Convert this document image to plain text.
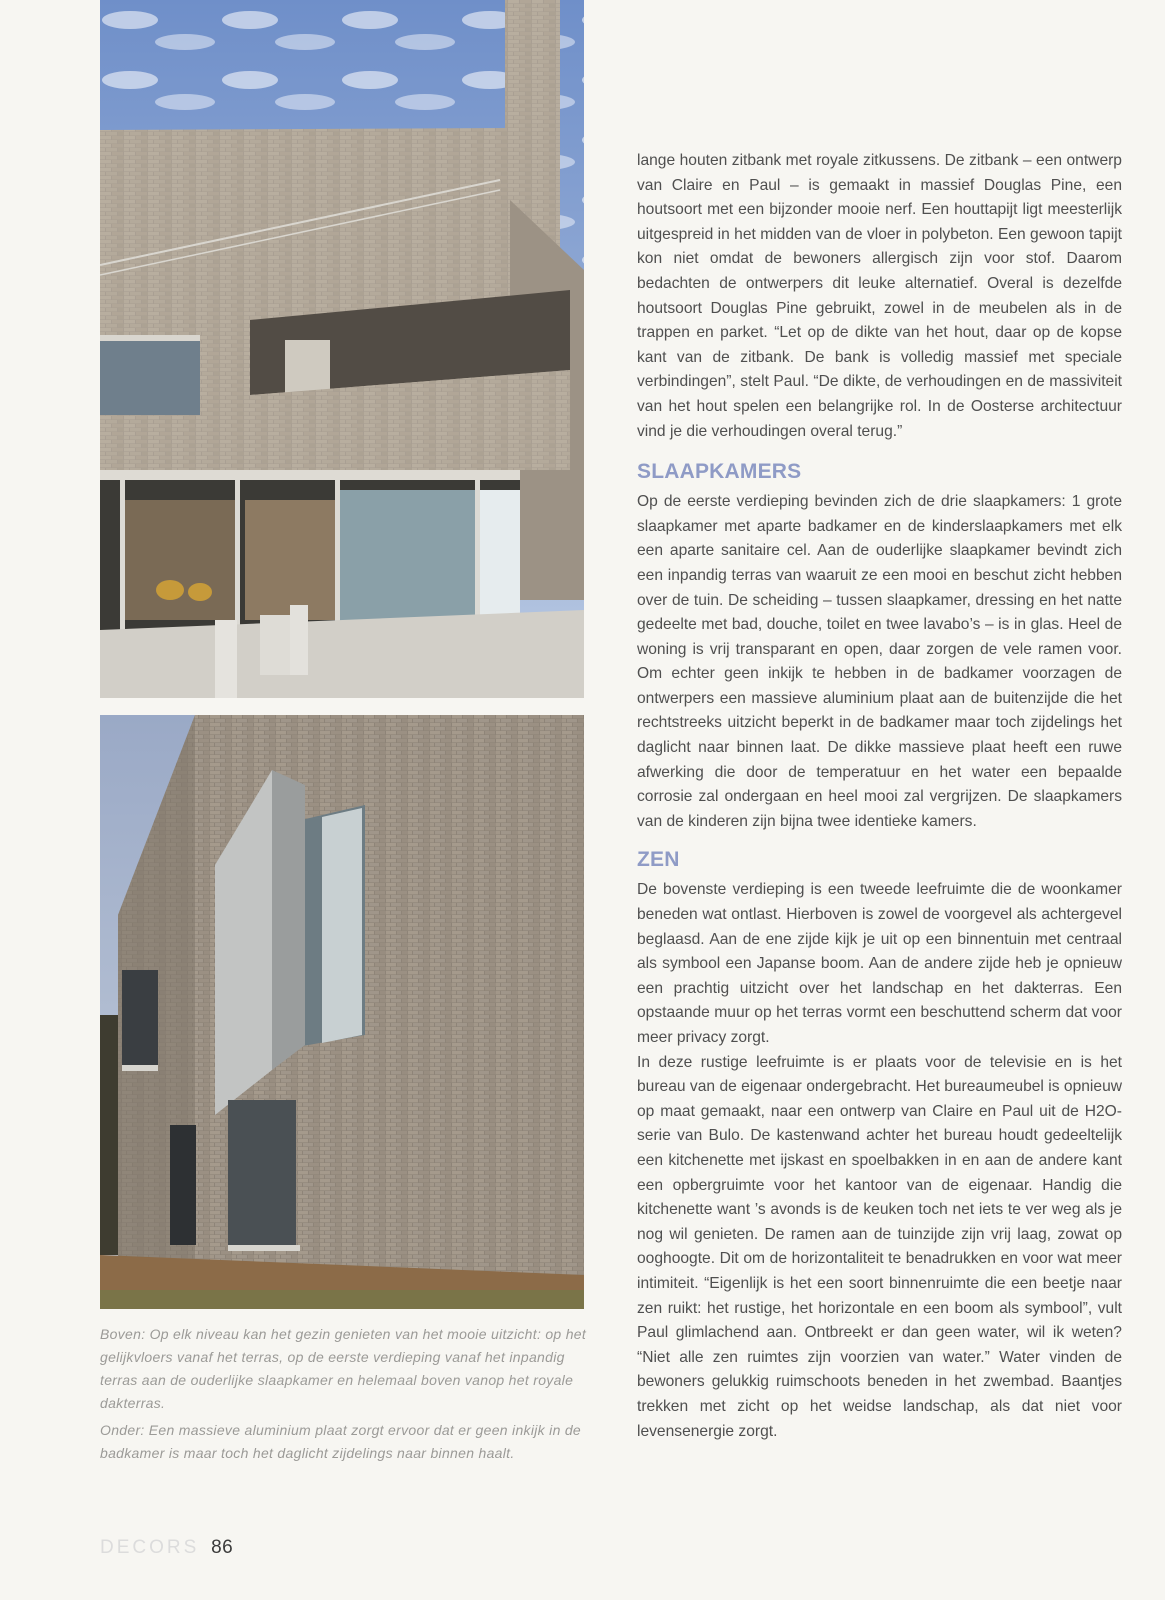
Boven: Op elk niveau kan het gezin genieten van het mooie uitzicht: op het gelijkvloers vanaf het terras, op de eerste verdieping vanaf het inpandig terras aan de ouderlijke slaapkamer en helemaal boven vanop het royale dakterras.

Onder: Een massieve aluminium plaat zorgt ervoor dat er geen inkijk in de badkamer is maar toch het daglicht zijdelings naar binnen haalt.

lange houten zitbank met royale zitkussens. De zitbank – een ontwerp van Claire en Paul – is gemaakt in massief Douglas Pine, een houtsoort met een bijzonder mooie nerf. Een houttapijt ligt meesterlijk uitgespreid in het midden van de vloer in polybeton. Een gewoon tapijt kon niet omdat de bewoners allergisch zijn voor stof. Daarom bedachten de ontwerpers dit leuke alternatief. Overal is dezelfde houtsoort Douglas Pine gebruikt, zowel in de meubelen als in de trappen en parket. “Let op de dikte van het hout, daar op de kopse kant van de zitbank. De bank is volledig massief met speciale verbindingen”, stelt Paul. “De dikte, de verhoudingen en de massiviteit van het hout spelen een belangrijke rol. In de Oosterse architectuur vind je die verhoudingen overal terug.”

SLAAPKAMERS

Op de eerste verdieping bevinden zich de drie slaapkamers: 1 grote slaapkamer met aparte badkamer en de kinderslaapkamers met elk een aparte sanitaire cel. Aan de ouderlijke slaapkamer bevindt zich een inpandig terras van waaruit ze een mooi en beschut zicht hebben over de tuin. De scheiding – tussen slaapkamer, dressing en het natte gedeelte met bad, douche, toilet en twee lavabo’s – is in glas. Heel de woning is vrij transparant en open, daar zorgen de vele ramen voor. Om echter geen inkijk te hebben in de badkamer voorzagen de ontwerpers een massieve aluminium plaat aan de buitenzijde die het rechtstreeks uitzicht beperkt in de badkamer maar toch zijdelings het daglicht naar binnen laat. De dikke massieve plaat heeft een ruwe afwerking die door de temperatuur en het water een bepaalde corrosie zal ondergaan en heel mooi zal vergrijzen. De slaapkamers van de kinderen zijn bijna twee identieke kamers.

ZEN

De bovenste verdieping is een tweede leefruimte die de woonkamer beneden wat ontlast. Hierboven is zowel de voorgevel als achtergevel beglaasd. Aan de ene zijde kijk je uit op een binnentuin met centraal als symbool een Japanse boom. Aan de andere zijde heb je opnieuw een prachtig uitzicht over het landschap en het dakterras. Een opstaande muur op het terras vormt een beschuttend scherm dat voor meer privacy zorgt.

In deze rustige leefruimte is er plaats voor de televisie en is het bureau van de eigenaar ondergebracht. Het bureaumeubel is opnieuw op maat gemaakt, naar een ontwerp van Claire en Paul uit de H2O-serie van Bulo. De kastenwand achter het bureau houdt gedeeltelijk een kitchenette met ijskast en spoelbakken in en aan de andere kant een opbergruimte voor het kantoor van de eigenaar. Handig die kitchenette want ’s avonds is de keuken toch net iets te ver weg als je nog wil genieten. De ramen aan de tuinzijde zijn vrij laag, zowat op ooghoogte. Dit om de horizontaliteit te benadrukken en voor wat meer intimiteit. “Eigenlijk is het een soort binnenruimte die een beetje naar zen ruikt: het rustige, het horizontale en een boom als symbool”, vult Paul glimlachend aan. Ontbreekt er dan geen water, wil ik weten? “Niet alle zen ruimtes zijn voorzien van water.” Water vinden de bewoners gelukkig ruimschoots beneden in het zwembad. Baantjes trekken met zicht op het weidse landschap, als dat niet voor levensenergie zorgt.

DECORS 86
